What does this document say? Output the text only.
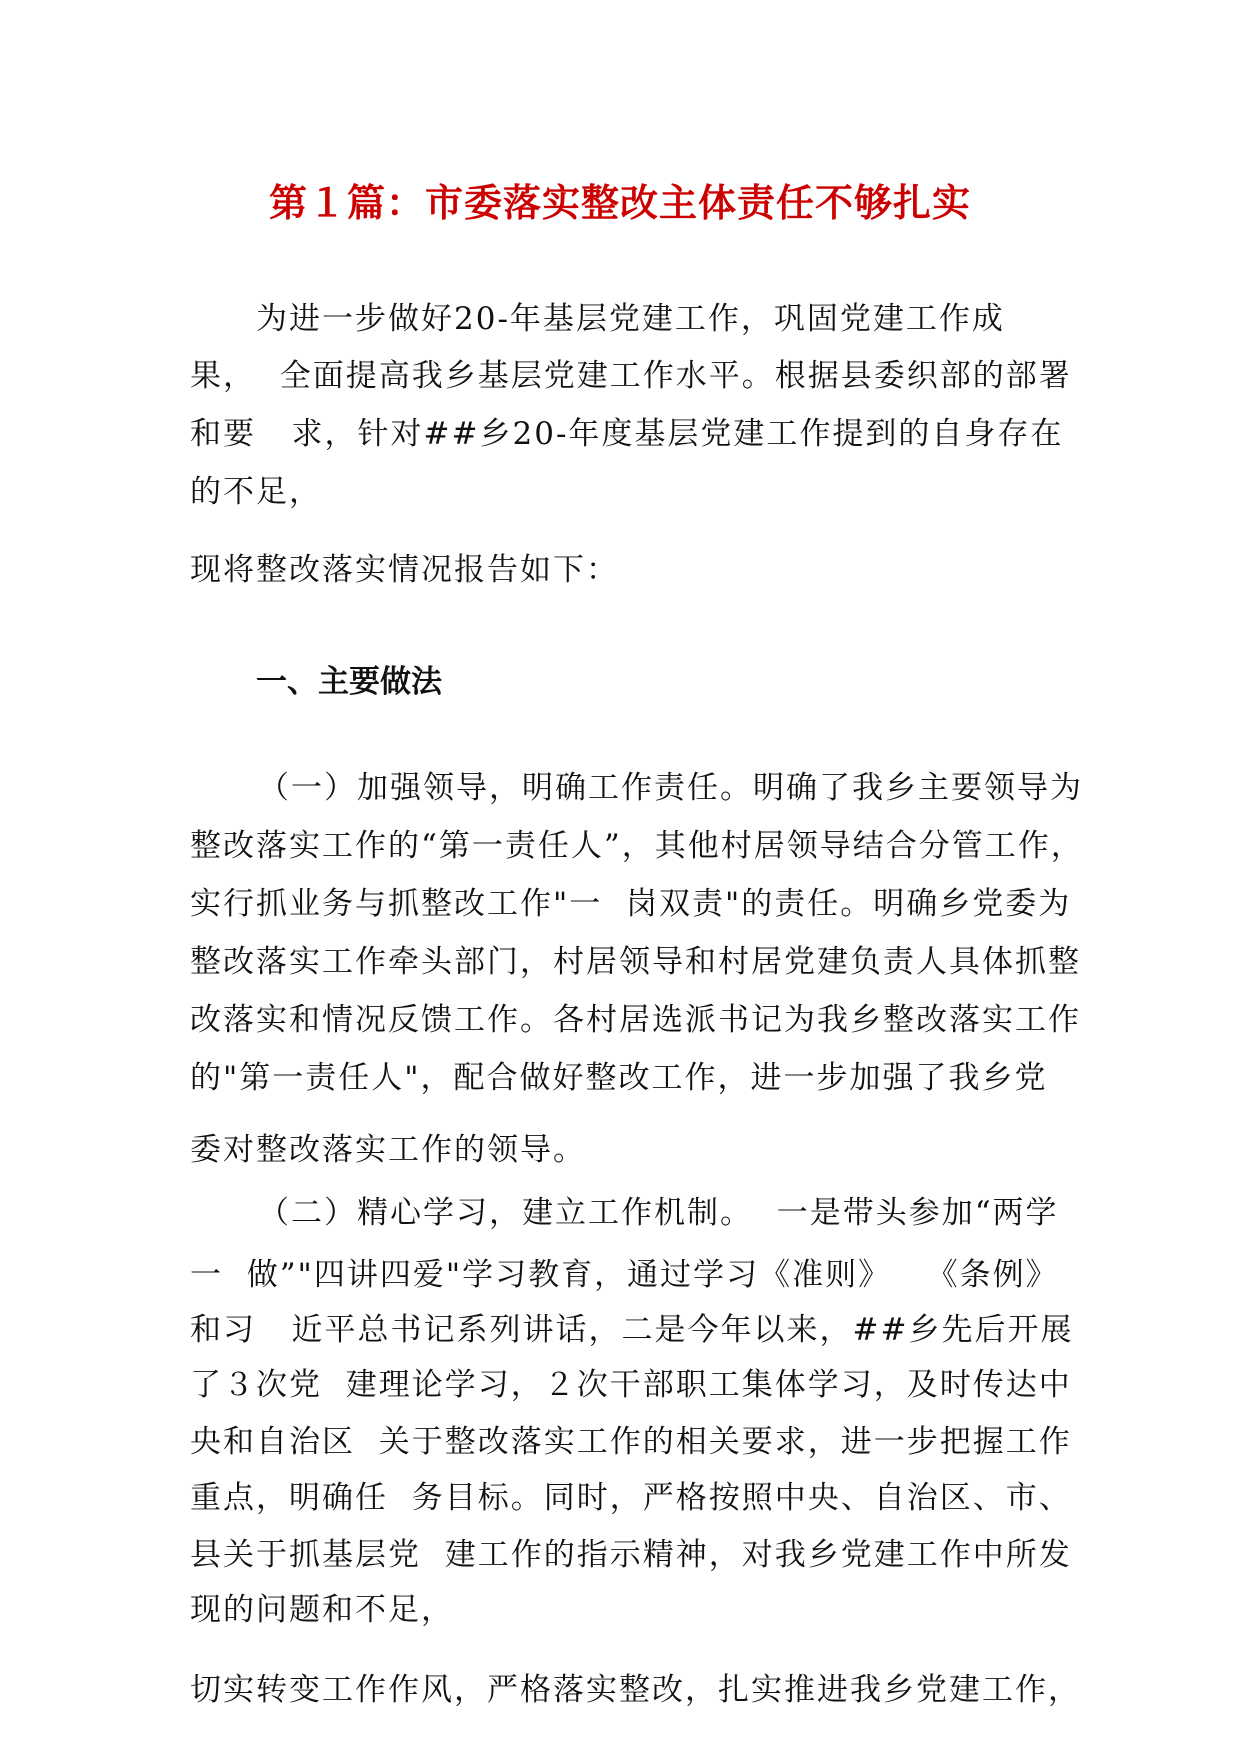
第１篇：市委落实整改主体责任不够扎实
为进一步做好20-年基层党建工作，巩固党建工作成
果，  全面提高我乡基层党建工作水平。根据县委织部的部署
和要   求，针对##乡20-年度基层党建工作提到的自身存在
的不足，
现将整改落实情况报告如下：
一、主要做法
（一）加强领导，明确工作责任。明确了我乡主要领导为
整改落实工作的“第一责任人”，其他村居领导结合分管工作，
实行抓业务与抓整改工作"一  岗双责"的责任。明确乡党委为
整改落实工作牵头部门，村居领导和村居党建负责人具体抓整
改落实和情况反馈工作。各村居选派书记为我乡整改落实工作
的"第一责任人"，配合做好整改工作，进一步加强了我乡党
委对整改落实工作的领导。
（二）精心学习，建立工作机制。  一是带头参加“两学
一  做”"四讲四爱"学习教育，通过学习《准则》   《条例》
和习   近平总书记系列讲话，二是今年以来，##乡先后开展
了３次党  建理论学习，２次干部职工集体学习，及时传达中
央和自治区  关于整改落实工作的相关要求，进一步把握工作
重点，明确任  务目标。同时，严格按照中央、自治区、市、
县关于抓基层党  建工作的指示精神，对我乡党建工作中所发
现的问题和不足，
切实转变工作作风，严格落实整改，扎实推进我乡党建工作，
